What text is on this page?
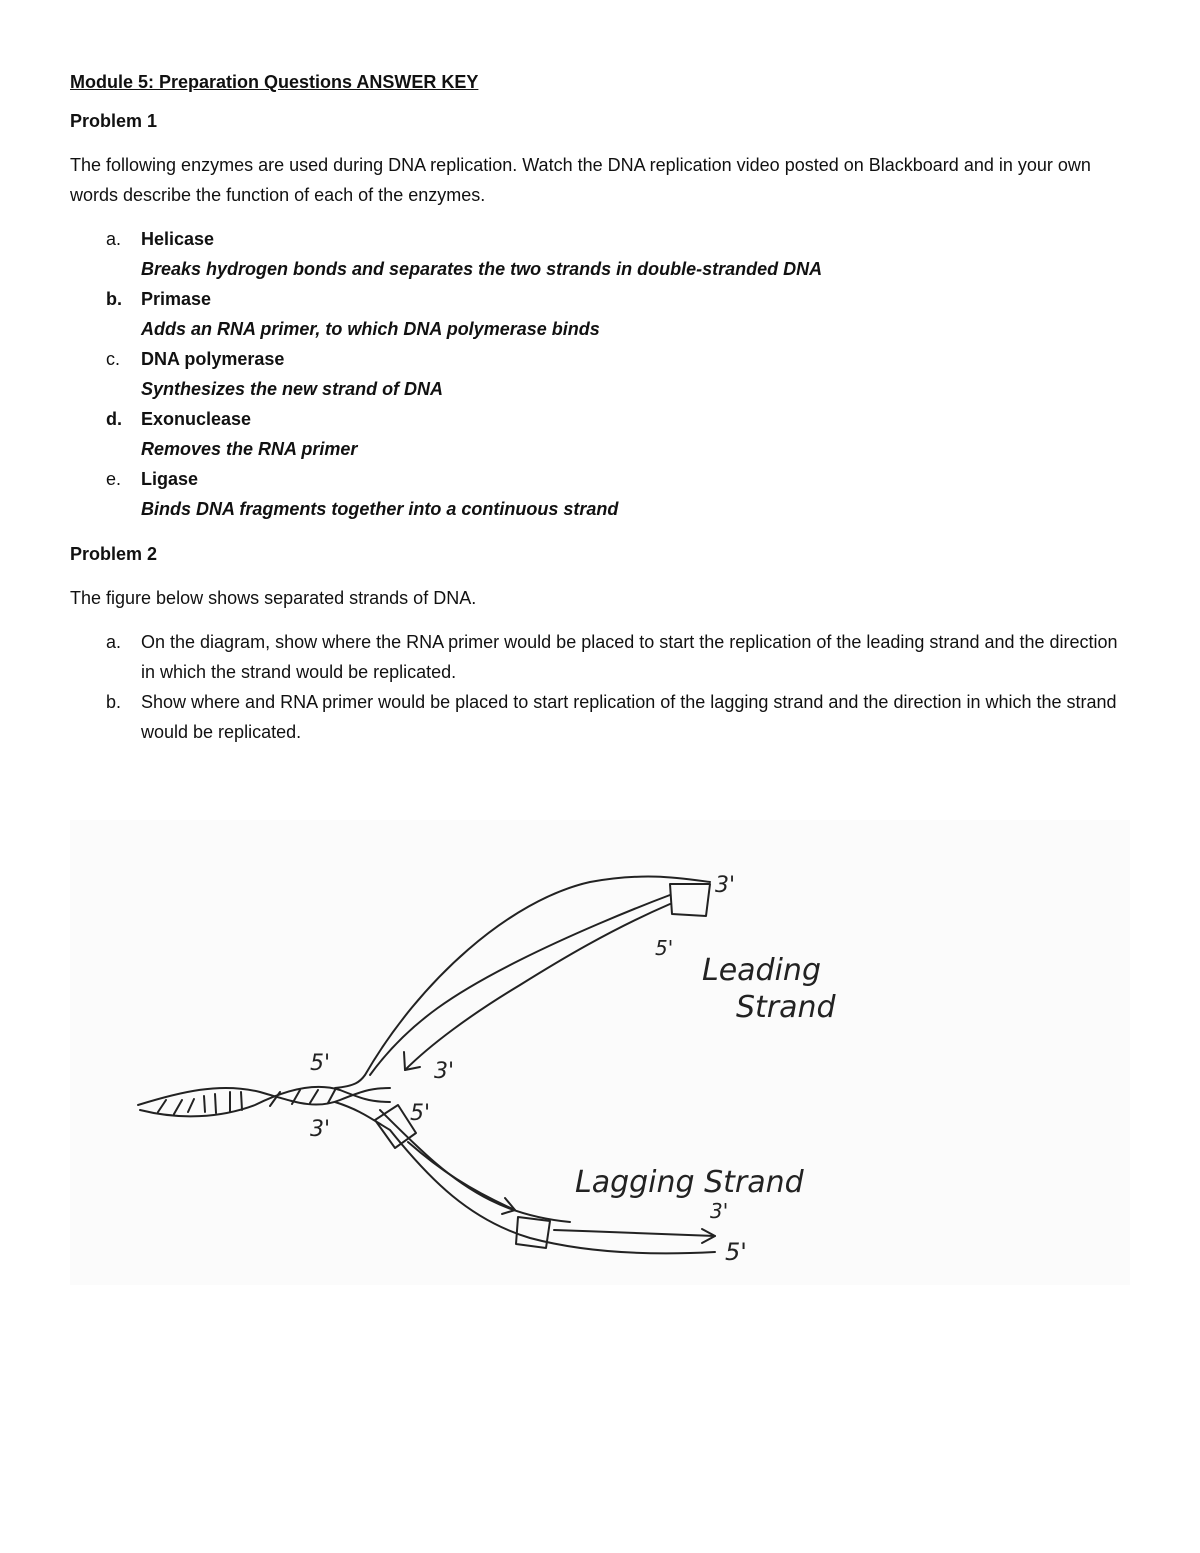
Module 5: Preparation Questions ANSWER KEY

Problem 1

The following enzymes are used during DNA replication. Watch the DNA replication video posted on Blackboard and in your own words describe the function of each of the enzymes.

a. Helicase
Breaks hydrogen bonds and separates the two strands in double-stranded DNA
b. Primase
Adds an RNA primer, to which DNA polymerase binds
c. DNA polymerase
Synthesizes the new strand of DNA
d. Exonuclease
Removes the RNA primer
e. Ligase
Binds DNA fragments together into a continuous strand

Problem 2

The figure below shows separated strands of DNA.

a. On the diagram, show where the RNA primer would be placed to start the replication of the leading strand and the direction in which the strand would be replicated.
b. Show where and RNA primer would be placed to start replication of the lagging strand and the direction in which the strand would be replicated.
3'
5'
Leading
Strand
5'
3'
3'
5'
Lagging Strand
3'
5'
